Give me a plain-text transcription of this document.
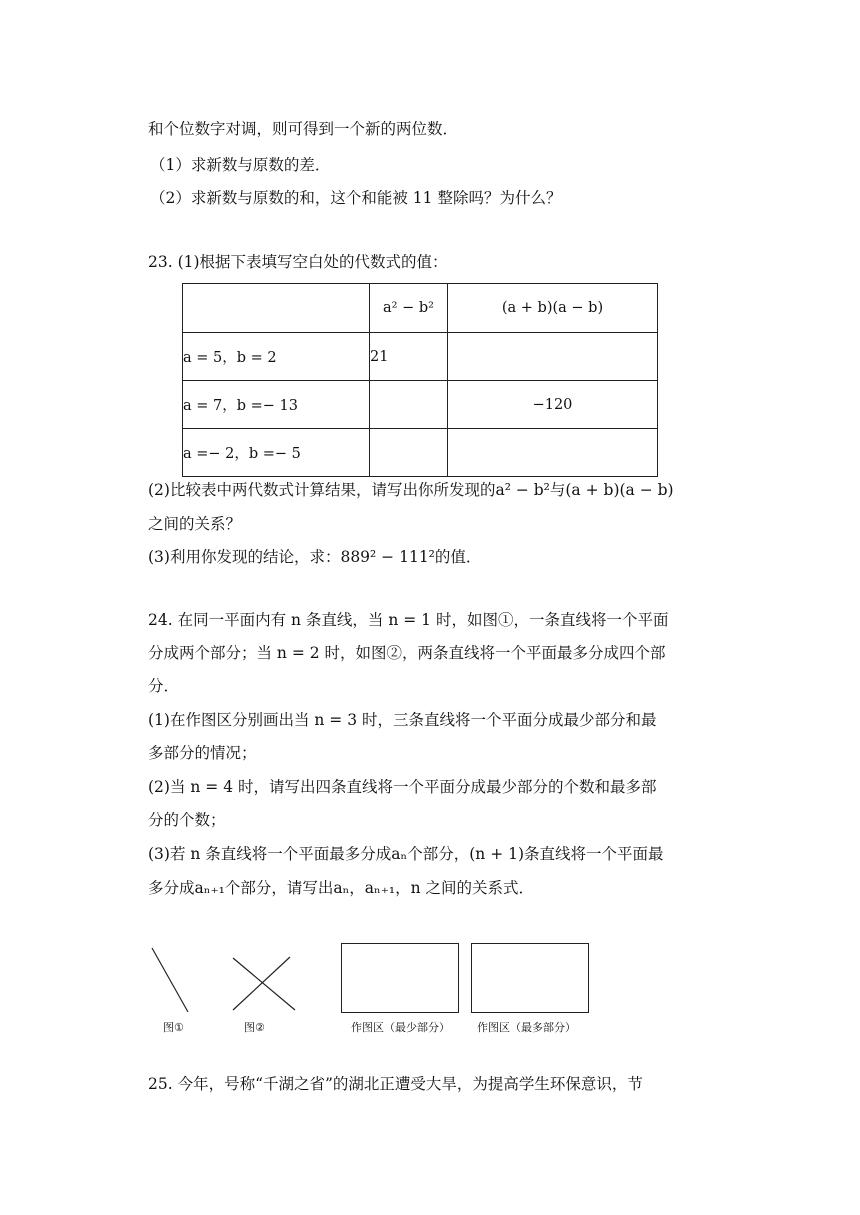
和个位数字对调，则可得到一个新的两位数．
（1）求新数与原数的差．
（2）求新数与原数的和，这个和能被 11 整除吗？为什么？
23. (1)根据下表填写空白处的代数式的值：
	a² − b²	(a + b)(a − b)
a = 5，b = 2	21	
a = 7，b =− 13		−120
a =− 2，b =− 5		
(2)比较表中两代数式计算结果，请写出你所发现的a² − b²与(a + b)(a − b)
之间的关系？
(3)利用你发现的结论，求：889² − 111²的值．
24. 在同一平面内有 n 条直线，当 n = 1 时，如图①，一条直线将一个平面
分成两个部分；当 n = 2 时，如图②，两条直线将一个平面最多分成四个部
分．
(1)在作图区分别画出当 n = 3 时，三条直线将一个平面分成最少部分和最
多部分的情况；
(2)当 n = 4 时，请写出四条直线将一个平面分成最少部分的个数和最多部
分的个数；
(3)若 n 条直线将一个平面最多分成aₙ个部分，(n + 1)条直线将一个平面最
多分成aₙ₊₁个部分，请写出aₙ，aₙ₊₁，n 之间的关系式．
图①	图②	作图区（最少部分） 作图区（最多部分）
25. 今年，号称“千湖之省”的湖北正遭受大旱，为提高学生环保意识，节
